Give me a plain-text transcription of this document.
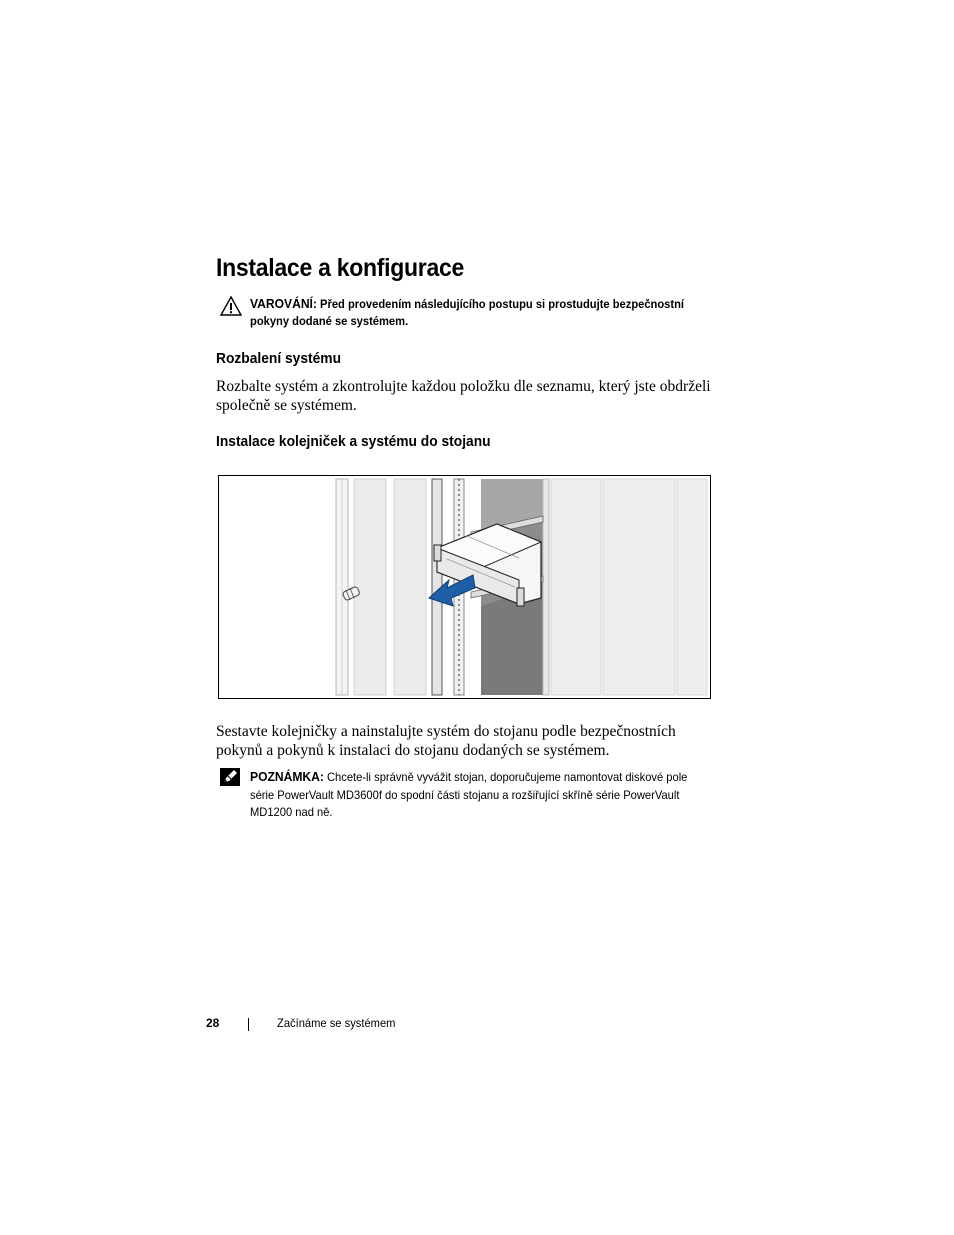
Instalace a konfigurace
VAROVÁNÍ: Před provedením následujícího postupu si prostudujte bezpečnostní pokyny dodané se systémem.
Rozbalení systému

Rozbalte systém a zkontrolujte každou položku dle seznamu, který jste obdrželi společně se systémem.

Instalace kolejniček a systému do stojanu

Sestavte kolejničky a nainstalujte systém do stojanu podle bezpečnostních pokynů a pokynů k instalaci do stojanu dodaných se systémem.

POZNÁMKA: Chcete-li správně vyvážit stojan, doporučujeme namontovat diskové pole série PowerVault MD3600f do spodní části stojanu a rozšiřující skříně série PowerVault MD1200 nad ně.
28	Začínáme se systémem
